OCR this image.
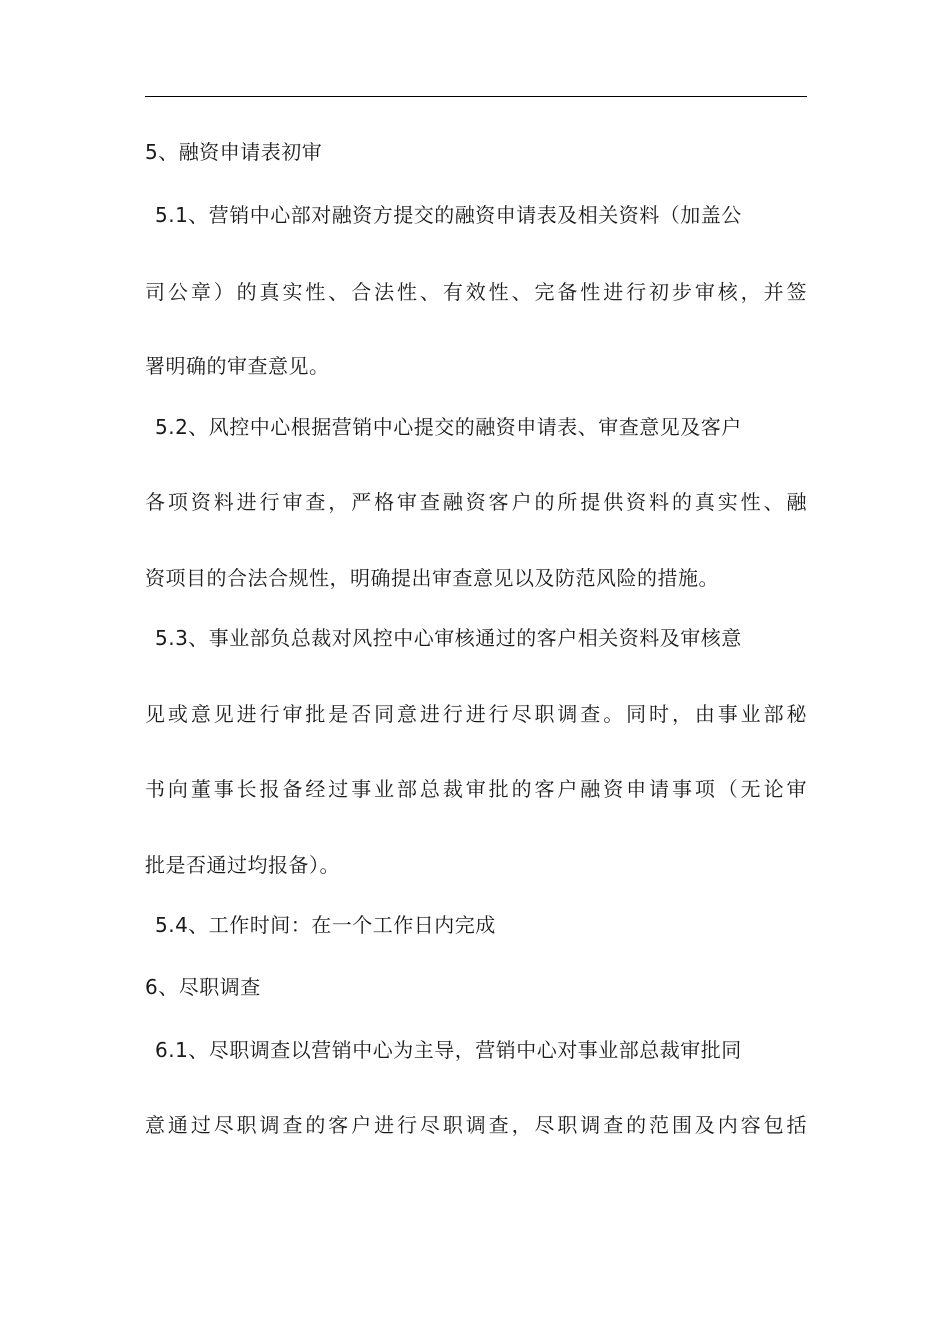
5、融资申请表初审
5.1、营销中心部对融资方提交的融资申请表及相关资料（加盖公
司公章）的真实性、合法性、有效性、完备性进行初步审核，并签
署明确的审查意见。
5.2、风控中心根据营销中心提交的融资申请表、审查意见及客户
各项资料进行审查，严格审查融资客户的所提供资料的真实性、融
资项目的合法合规性，明确提出审查意见以及防范风险的措施。
5.3、事业部负总裁对风控中心审核通过的客户相关资料及审核意
见或意见进行审批是否同意进行进行尽职调查。同时，由事业部秘
书向董事长报备经过事业部总裁审批的客户融资申请事项（无论审
批是否通过均报备）。
5.4、工作时间：在一个工作日内完成
6、尽职调查
6.1、尽职调查以营销中心为主导，营销中心对事业部总裁审批同
意通过尽职调查的客户进行尽职调查，尽职调查的范围及内容包括
